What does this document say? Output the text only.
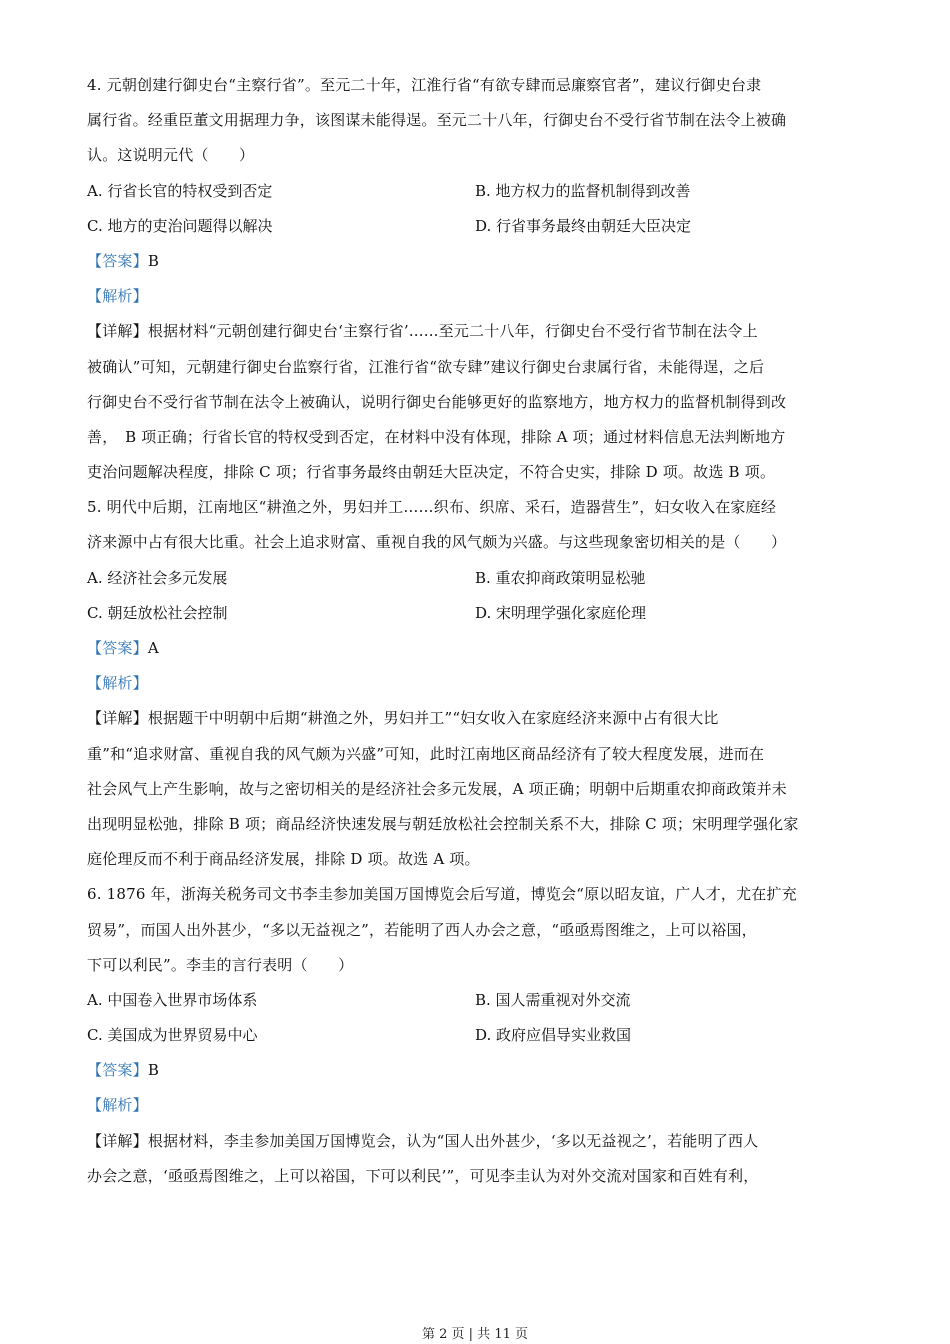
4. 元朝创建行御史台“主察行省”。至元二十年，江淮行省“有欲专肆而忌廉察官者”，建议行御史台隶
属行省。经重臣董文用据理力争，该图谋未能得逞。至元二十八年，行御史台不受行省节制在法令上被确
认。这说明元代（　　）
A. 行省长官的特权受到否定	B. 地方权力的监督机制得到改善
C. 地方的吏治问题得以解决	D. 行省事务最终由朝廷大臣决定
【答案】B
【解析】
【详解】根据材料“元朝创建行御史台‘主察行省’......至元二十八年，行御史台不受行省节制在法令上
被确认”可知，元朝建行御史台监察行省，江淮行省“欲专肆”建议行御史台隶属行省，未能得逞，之后
行御史台不受行省节制在法令上被确认，说明行御史台能够更好的监察地方，地方权力的监督机制得到改
善，　B 项正确；行省长官的特权受到否定，在材料中没有体现，排除 A 项；通过材料信息无法判断地方
吏治问题解决程度，排除 C 项；行省事务最终由朝廷大臣决定，不符合史实，排除 D 项。故选 B 项。
5. 明代中后期，江南地区“耕渔之外，男妇并工……织布、织席、采石，造器营生”，妇女收入在家庭经
济来源中占有很大比重。社会上追求财富、重视自我的风气颇为兴盛。与这些现象密切相关的是（　　）
A. 经济社会多元发展	B. 重农抑商政策明显松驰
C. 朝廷放松社会控制	D. 宋明理学强化家庭伦理
【答案】A
【解析】
【详解】根据题干中明朝中后期“耕渔之外，男妇并工”“妇女收入在家庭经济来源中占有很大比
重”和“追求财富、重视自我的风气颇为兴盛”可知，此时江南地区商品经济有了较大程度发展，进而在
社会风气上产生影响，故与之密切相关的是经济社会多元发展，A 项正确；明朝中后期重农抑商政策并未
出现明显松弛，排除 B 项；商品经济快速发展与朝廷放松社会控制关系不大，排除 C 项；宋明理学强化家
庭伦理反而不利于商品经济发展，排除 D 项。故选 A 项。
6. 1876 年，浙海关税务司文书李圭参加美国万国博览会后写道，博览会“原以昭友谊，广人才，尤在扩充
贸易”，而国人出外甚少，“多以无益视之”，若能明了西人办会之意，“亟亟焉图维之，上可以裕国，
下可以利民”。李圭的言行表明（　　）
A. 中国卷入世界市场体系	B. 国人需重视对外交流
C. 美国成为世界贸易中心	D. 政府应倡导实业救国
【答案】B
【解析】
【详解】根据材料，李圭参加美国万国博览会，认为“国人出外甚少，‘多以无益视之’，若能明了西人
办会之意，‘亟亟焉图维之，上可以裕国，下可以利民’”，可见李圭认为对外交流对国家和百姓有利，
第 2 页 | 共 11 页
